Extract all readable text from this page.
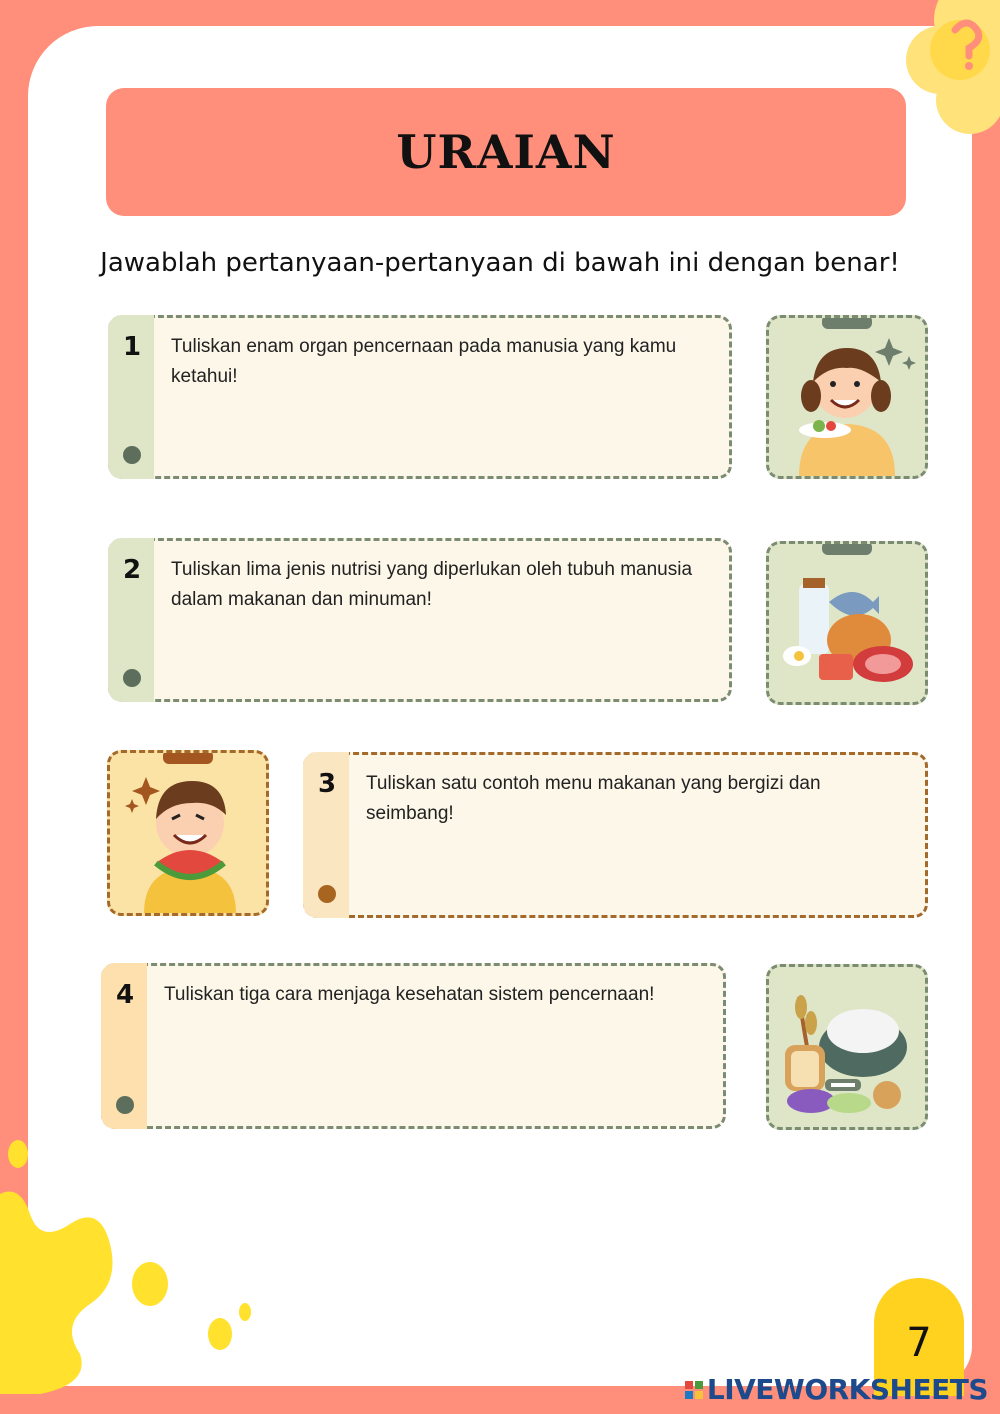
URAIAN
Jawablah pertanyaan-pertanyaan di bawah ini dengan benar!
1 Tuliskan enam organ pencernaan pada manusia yang kamu ketahui!
2 Tuliskan lima jenis nutrisi yang diperlukan oleh tubuh manusia dalam makanan dan minuman!
3 Tuliskan satu contoh menu makanan yang bergizi dan seimbang!
4 Tuliskan tiga cara menjaga kesehatan sistem pencernaan!
7
LIVEWORKSHEETS
